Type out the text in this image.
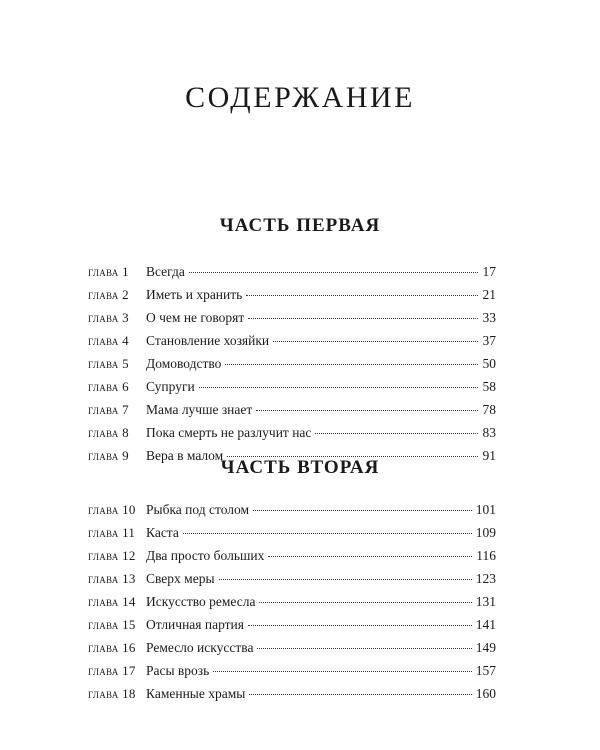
СОДЕРЖАНИЕ
ЧАСТЬ ПЕРВАЯ
глава 1	Всегда	17
глава 2	Иметь и хранить	21
глава 3	О чем не говорят	33
глава 4	Становление хозяйки	37
глава 5	Домоводство	50
глава 6	Супруги	58
глава 7	Мама лучше знает	78
глава 8	Пока смерть не разлучит нас	83
глава 9	Вера в малом	91
ЧАСТЬ ВТОРАЯ
глава 10 Рыбка под столом	101
глава 11 Каста	109
глава 12 Два просто больших	116
глава 13 Сверх меры	123
глава 14 Искусство ремесла	131
глава 15 Отличная партия	141
глава 16 Ремесло искусства	149
глава 17 Расы врозь	157
глава 18 Каменные храмы	160
